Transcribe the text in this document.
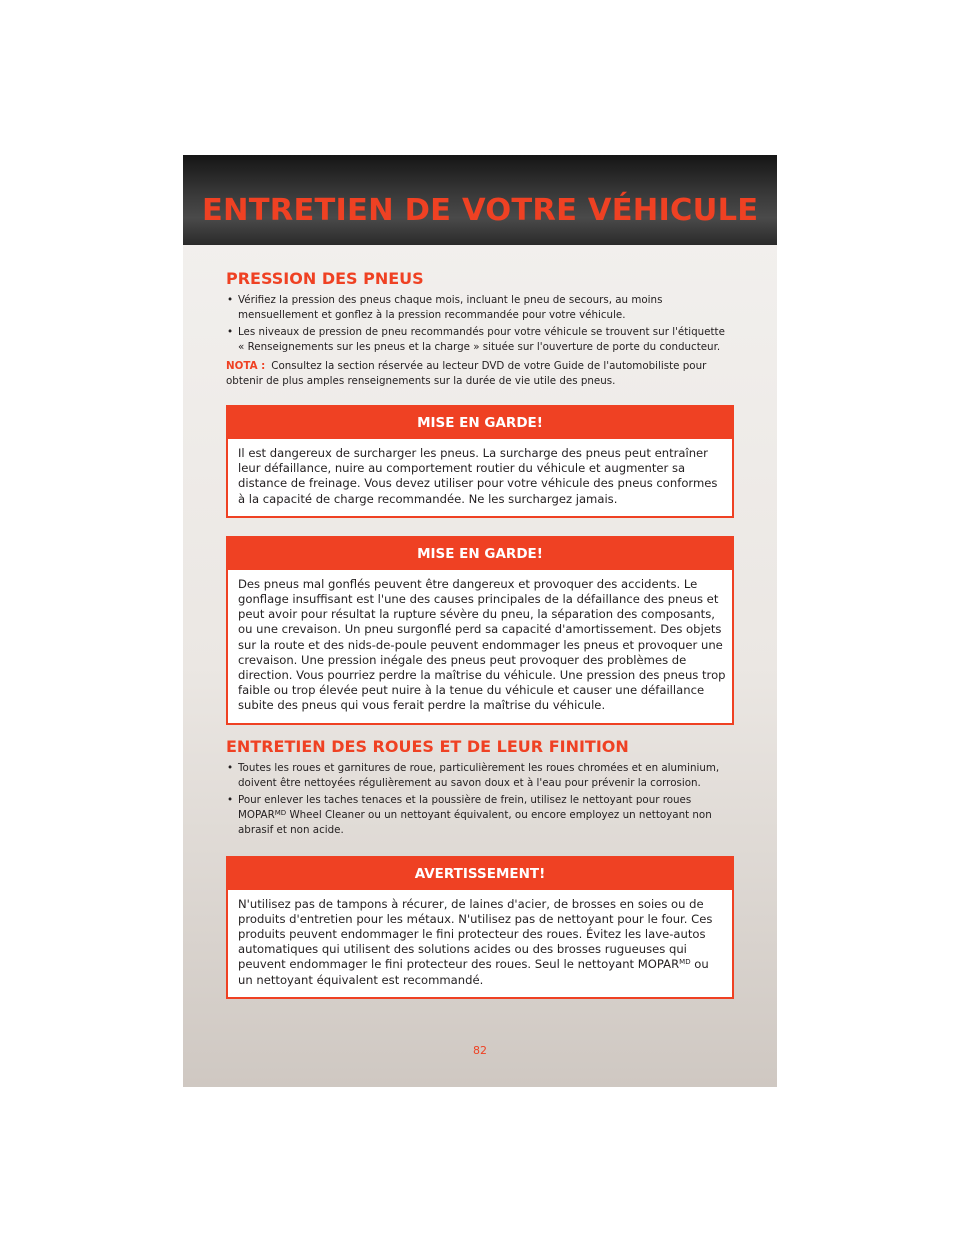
ENTRETIEN DE VOTRE VÉHICULE
PRESSION DES PNEUS
• Vérifiez la pression des pneus chaque mois, incluant le pneu de secours, au moins mensuellement et gonflez à la pression recommandée pour votre véhicule.
• Les niveaux de pression de pneu recommandés pour votre véhicule se trouvent sur l'étiquette « Renseignements sur les pneus et la charge » située sur l'ouverture de porte du conducteur.

NOTA : Consultez la section réservée au lecteur DVD de votre Guide de l'automobiliste pour obtenir de plus amples renseignements sur la durée de vie utile des pneus.

MISE EN GARDE!

Il est dangereux de surcharger les pneus. La surcharge des pneus peut entraîner leur défaillance, nuire au comportement routier du véhicule et augmenter sa distance de freinage. Vous devez utiliser pour votre véhicule des pneus conformes à la capacité de charge recommandée. Ne les surchargez jamais.

MISE EN GARDE!

Des pneus mal gonflés peuvent être dangereux et provoquer des accidents. Le gonflage insuffisant est l'une des causes principales de la défaillance des pneus et peut avoir pour résultat la rupture sévère du pneu, la séparation des composants, ou une crevaison. Un pneu surgonflé perd sa capacité d'amortissement. Des objets sur la route et des nids-de-poule peuvent endommager les pneus et provoquer une crevaison. Une pression inégale des pneus peut provoquer des problèmes de direction. Vous pourriez perdre la maîtrise du véhicule. Une pression des pneus trop faible ou trop élevée peut nuire à la tenue du véhicule et causer une défaillance subite des pneus qui vous ferait perdre la maîtrise du véhicule.

ENTRETIEN DES ROUES ET DE LEUR FINITION
• Toutes les roues et garnitures de roue, particulièrement les roues chromées et en aluminium, doivent être nettoyées régulièrement au savon doux et à l'eau pour prévenir la corrosion.
• Pour enlever les taches tenaces et la poussière de frein, utilisez le nettoyant pour roues $MOPAR^{MD}$ Wheel Cleaner ou un nettoyant équivalent, ou encore employez un nettoyant non abrasif et non acide.
AVERTISSEMENT!

N'utilisez pas de tampons à récurer, de laines d'acier, de brosses en soies ou de produits d'entretien pour les métaux. N'utilisez pas de nettoyant pour le four. Ces produits peuvent endommager le fini protecteur des roues. Évitez les lave-autos automatiques qui utilisent des solutions acides ou des brosses rugueuses qui peuvent endommager le fini protecteur des roues. Seul le nettoyant $MOPAR^{MD}$ ou un nettoyant équivalent est recommandé.

82
